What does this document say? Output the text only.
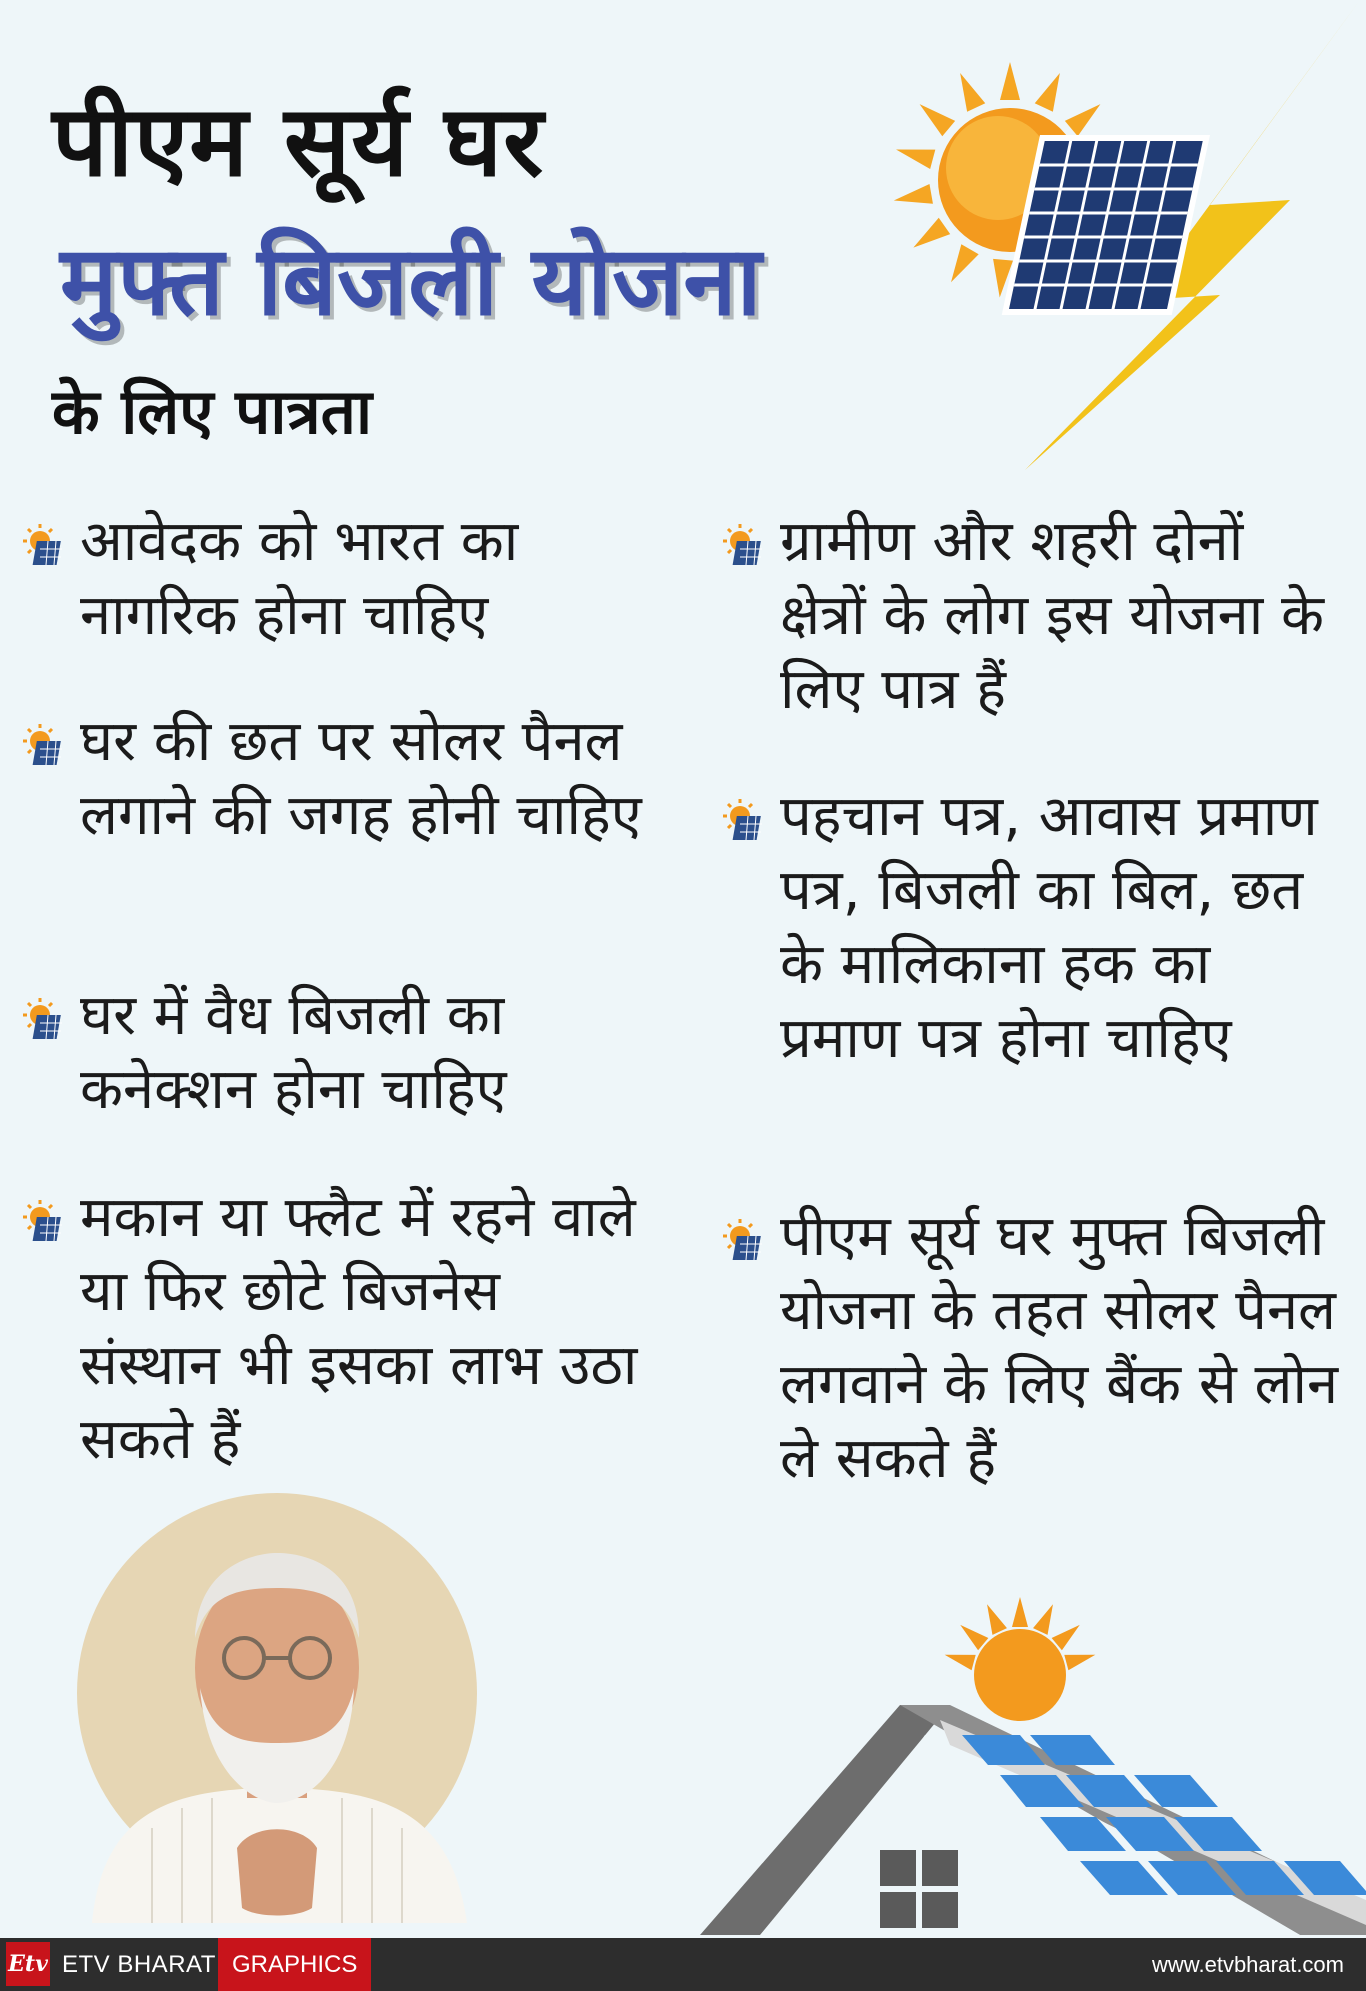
पीएम सूर्य घर
मुफ्त बिजली योजना
के लिए पात्रता
आवेदक को भारत का नागरिक होना चाहिए
घर की छत पर सोलर पैनल लगाने की जगह होनी चाहिए
घर में वैध बिजली का कनेक्शन होना चाहिए
मकान या फ्लैट में रहने वाले या फिर छोटे बिजनेस संस्थान भी इसका लाभ उठा सकते हैं
ग्रामीण और शहरी दोनों क्षेत्रों के लोग इस योजना के लिए पात्र हैं
पहचान पत्र, आवास प्रमाण पत्र, बिजली का बिल, छत के मालिकाना हक का प्रमाण पत्र होना चाहिए
पीएम सूर्य घर मुफ्त बिजली योजना के तहत सोलर पैनल लगवाने के लिए बैंक से लोन ले सकते हैं
Etv ETV BHARAT GRAPHICS	www.etvbharat.com
